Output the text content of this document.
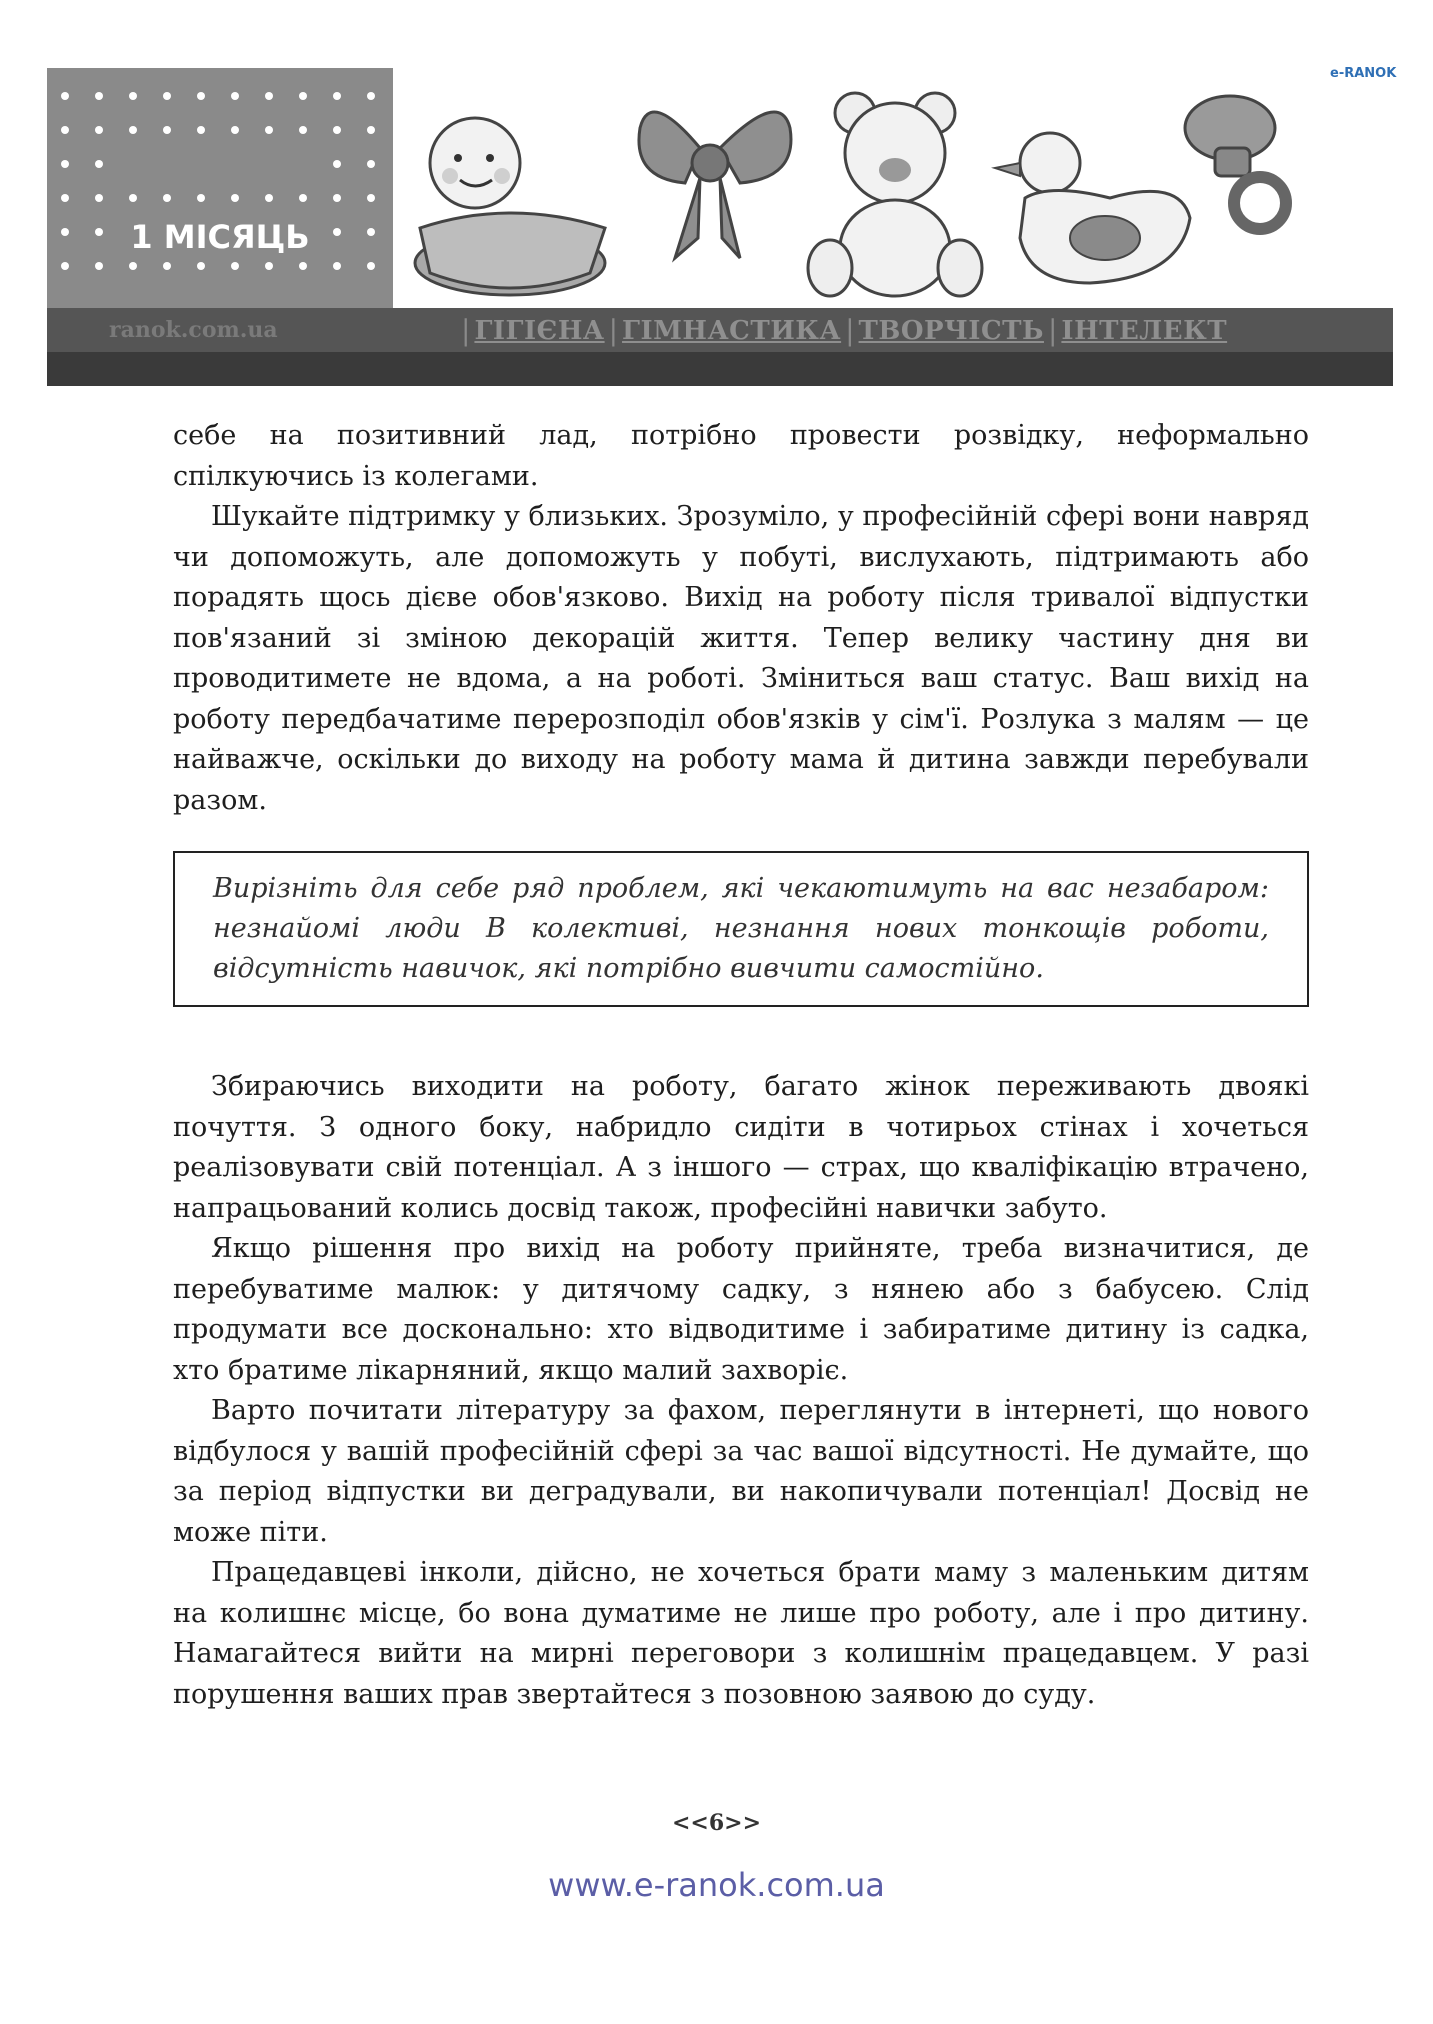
1 МІСЯЦЬ
e-RANOK
ranok.com.ua	| ГІГІЄНА | ГІМНАСТИКА | ТВОРЧІСТЬ | ІНТЕЛЕКТ

себе на позитивний лад, потрібно провести розвідку, неформально спілкуючись із колегами.

Шукайте підтримку у близьких. Зрозуміло, у професійній сфері вони навряд чи допоможуть, але допоможуть у побуті, вислухають, підтримають або порадять щось дієве обов'язково. Вихід на роботу після тривалої відпустки пов'язаний зі зміною декорацій життя. Тепер велику частину дня ви проводитимете не вдома, а на роботі. Зміниться ваш статус. Ваш вихід на роботу передбачатиме перерозподіл обов'язків у сім'ї. Розлука з малям — це найважче, оскільки до виходу на роботу мама й дитина завжди перебували разом.

Вирізніть для себе ряд проблем, які чекаютимуть на вас незабаром: незнайомі люди В колективі, незнання нових тонкощів роботи, відсутність навичок, які потрібно вивчити самостійно.

Збираючись виходити на роботу, багато жінок переживають двоякі почуття. З одного боку, набридло сидіти в чотирьох стінах і хочеться реалізовувати свій потенціал. А з іншого — страх, що кваліфікацію втрачено, напрацьований колись досвід також, професійні навички забуто.

Якщо рішення про вихід на роботу прийняте, треба визначитися, де перебуватиме малюк: у дитячому садку, з нянею або з бабусею. Слід продумати все досконально: хто відводитиме і забиратиме дитину із садка, хто братиме лікарняний, якщо малий захворіє.

Варто почитати літературу за фахом, переглянути в інтернеті, що нового відбулося у вашій професійній сфері за час вашої відсутності. Не думайте, що за період відпустки ви деградували, ви накопичували потенціал! Досвід не може піти.

Працедавцеві інколи, дійсно, не хочеться брати маму з маленьким дитям на колишнє місце, бо вона думатиме не лише про роботу, але і про дитину. Намагайтеся вийти на мирні переговори з колишнім працедавцем. У разі порушення ваших прав звертайтеся з позовною заявою до суду.

<<6>>
www.e-ranok.com.ua
